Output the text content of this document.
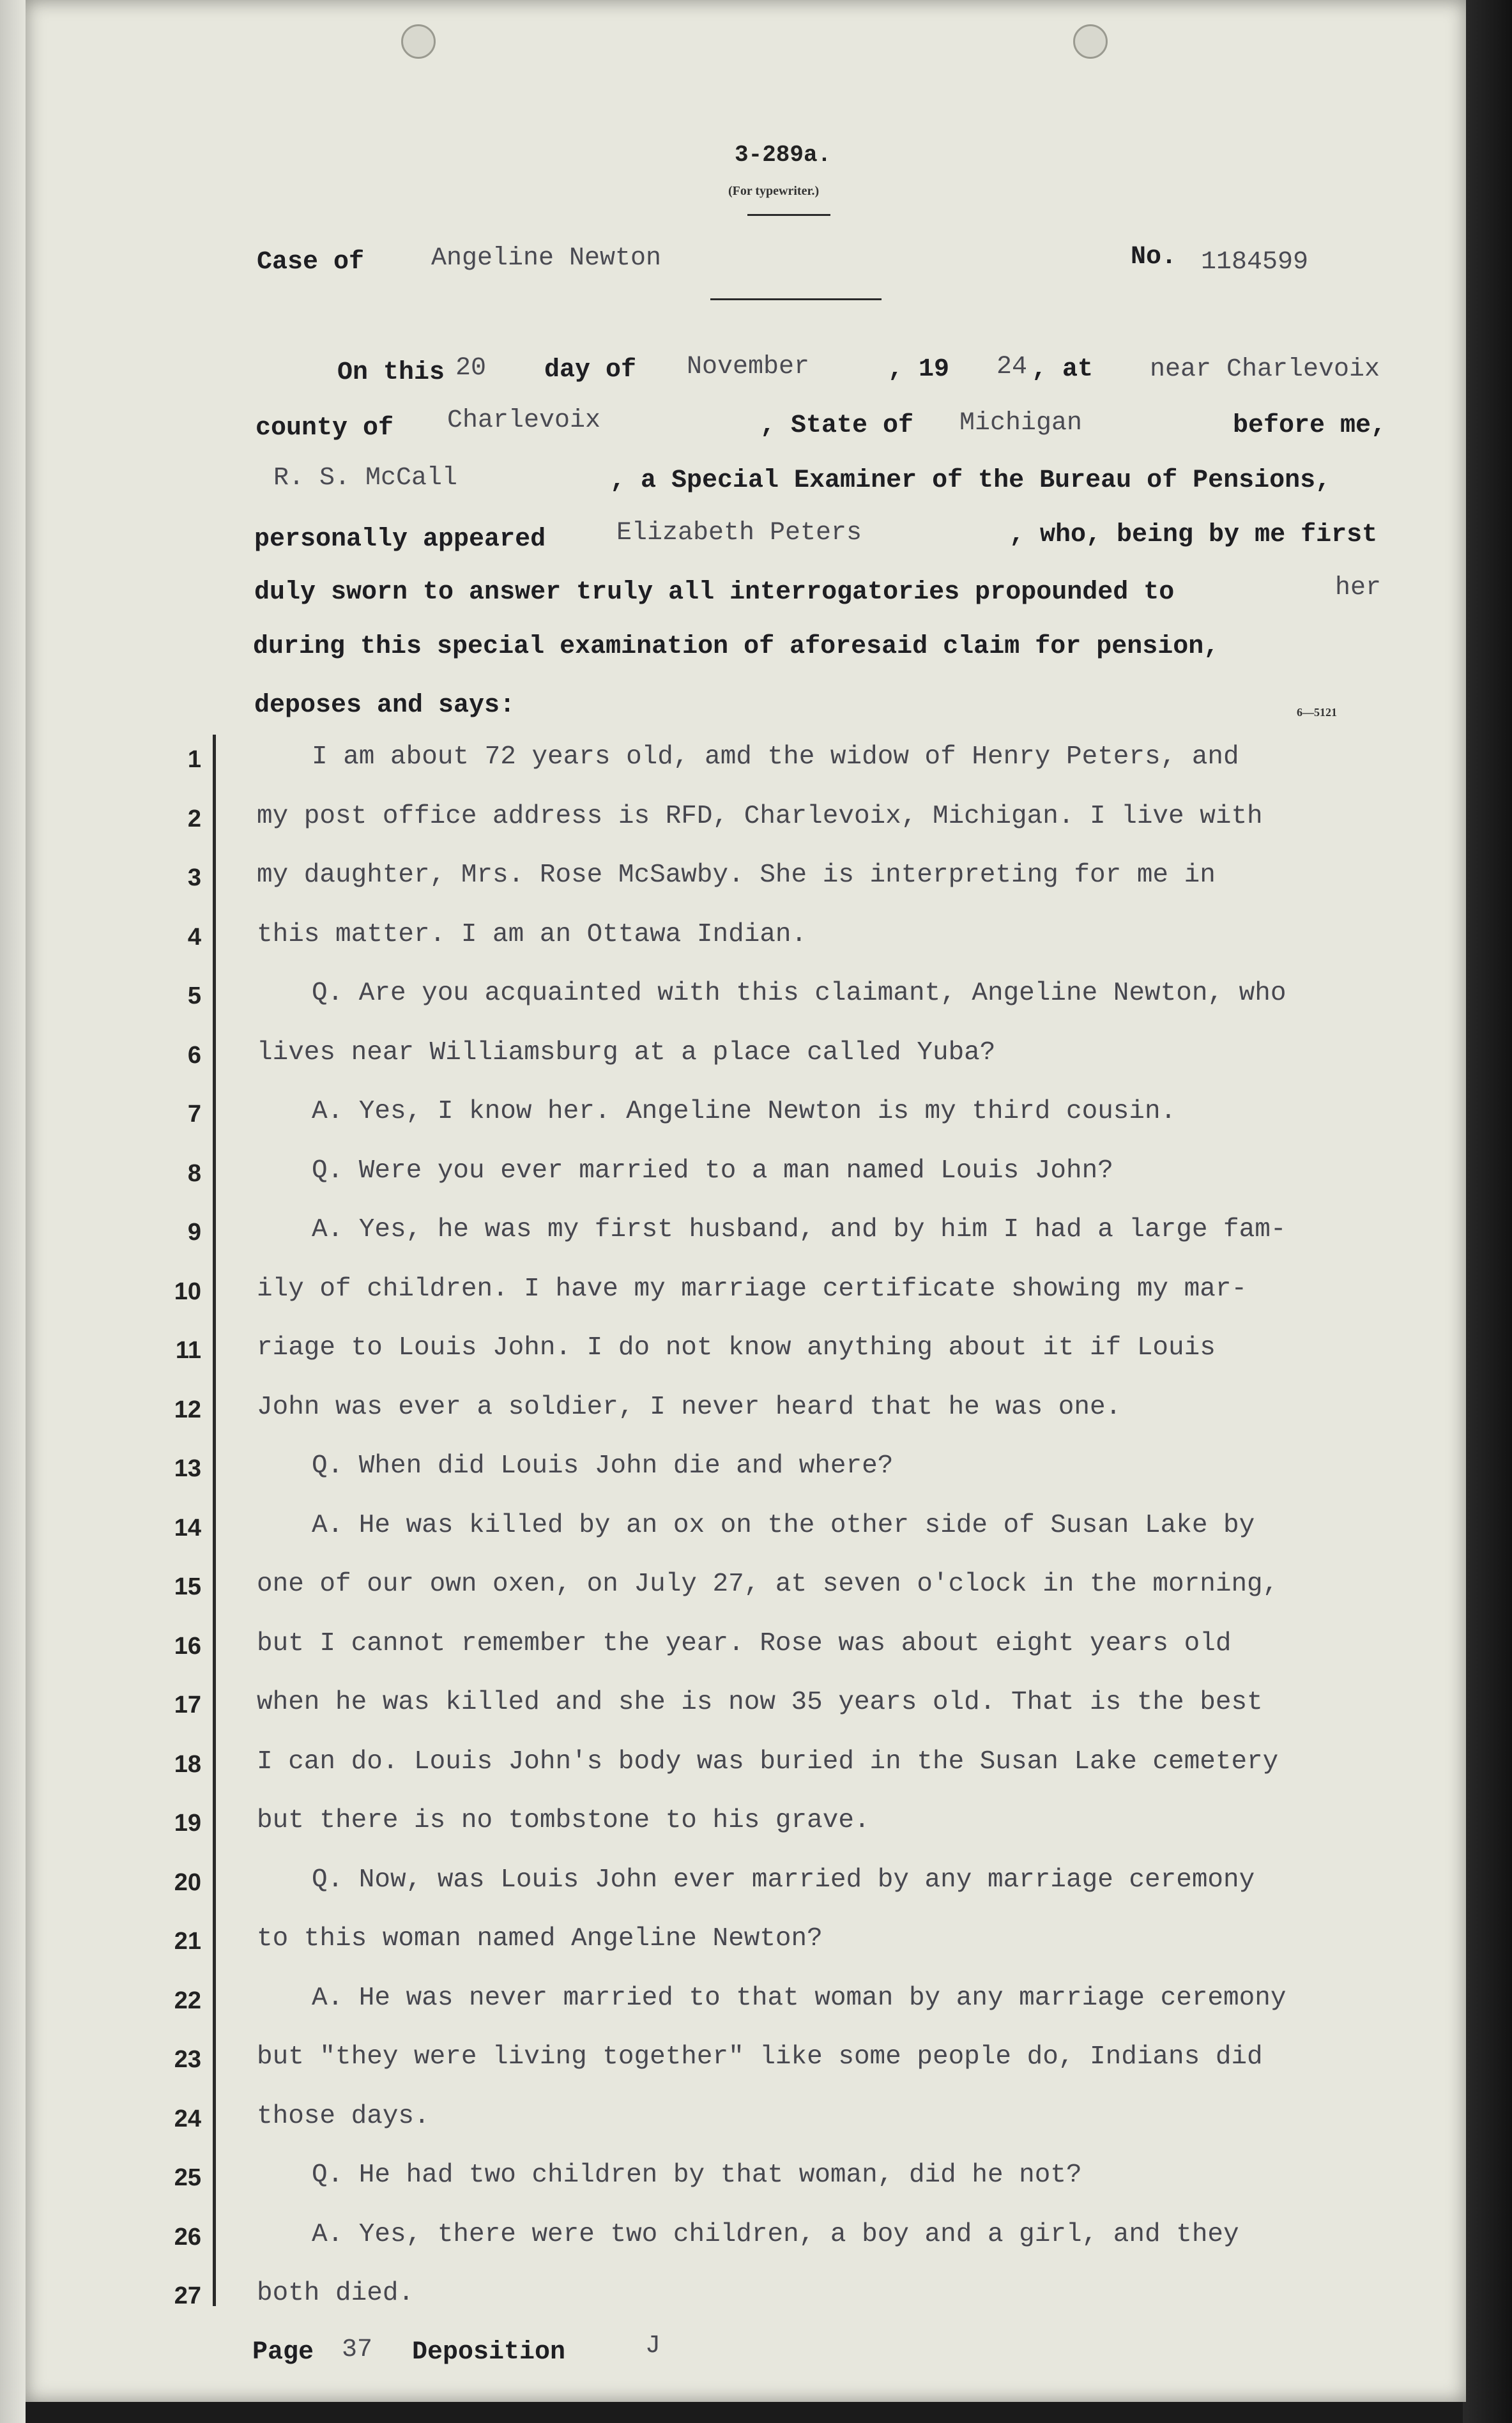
3-289a.
(For typewriter.)
Case of	Angeline Newton	No. 1184599
On this 20 day of November	, 19 24 , at near Charlevoix
county of Charlevoix	, State of Michigan	before me,
R. S. McCall	, a Special Examiner of the Bureau of Pensions,
personally appeared	Elizabeth Peters	, who, being by me first
duly sworn to answer truly all interrogatories propounded to	her
during this special examination of aforesaid claim for pension,
deposes and says:	6—5121
1	I am about 72 years old, amd the widow of Henry Peters, and
2 my post office address is RFD, Charlevoix, Michigan. I live with
3 my daughter, Mrs. Rose McSawby. She is interpreting for me in
4 this matter. I am an Ottawa Indian.
5	Q. Are you acquainted with this claimant, Angeline Newton, who
6 lives near Williamsburg at a place called Yuba?
7	A. Yes, I know her. Angeline Newton is my third cousin.
8	Q. Were you ever married to a man named Louis John?
9	A. Yes, he was my first husband, and by him I had a large fam-
10 ily of children. I have my marriage certificate showing my mar-
11 riage to Louis John. I do not know anything about it if Louis
12 John was ever a soldier, I never heard that he was one.
13	Q. When did Louis John die and where?
14	A. He was killed by an ox on the other side of Susan Lake by
15 one of our own oxen, on July 27, at seven o'clock in the morning,
16 but I cannot remember the year. Rose was about eight years old
17 when he was killed and she is now 35 years old. That is the best
18 I can do. Louis John's body was buried in the Susan Lake cemetery
19 but there is no tombstone to his grave.
20	Q. Now, was Louis John ever married by any marriage ceremony
21 to this woman named Angeline Newton?
22	A. He was never married to that woman by any marriage ceremony
23 but "they were living together" like some people do, Indians did
24 those days.
25	Q. He had two children by that woman, did he not?
26	A. Yes, there were two children, a boy and a girl, and they
27 both died.
Page 37 Deposition	J
